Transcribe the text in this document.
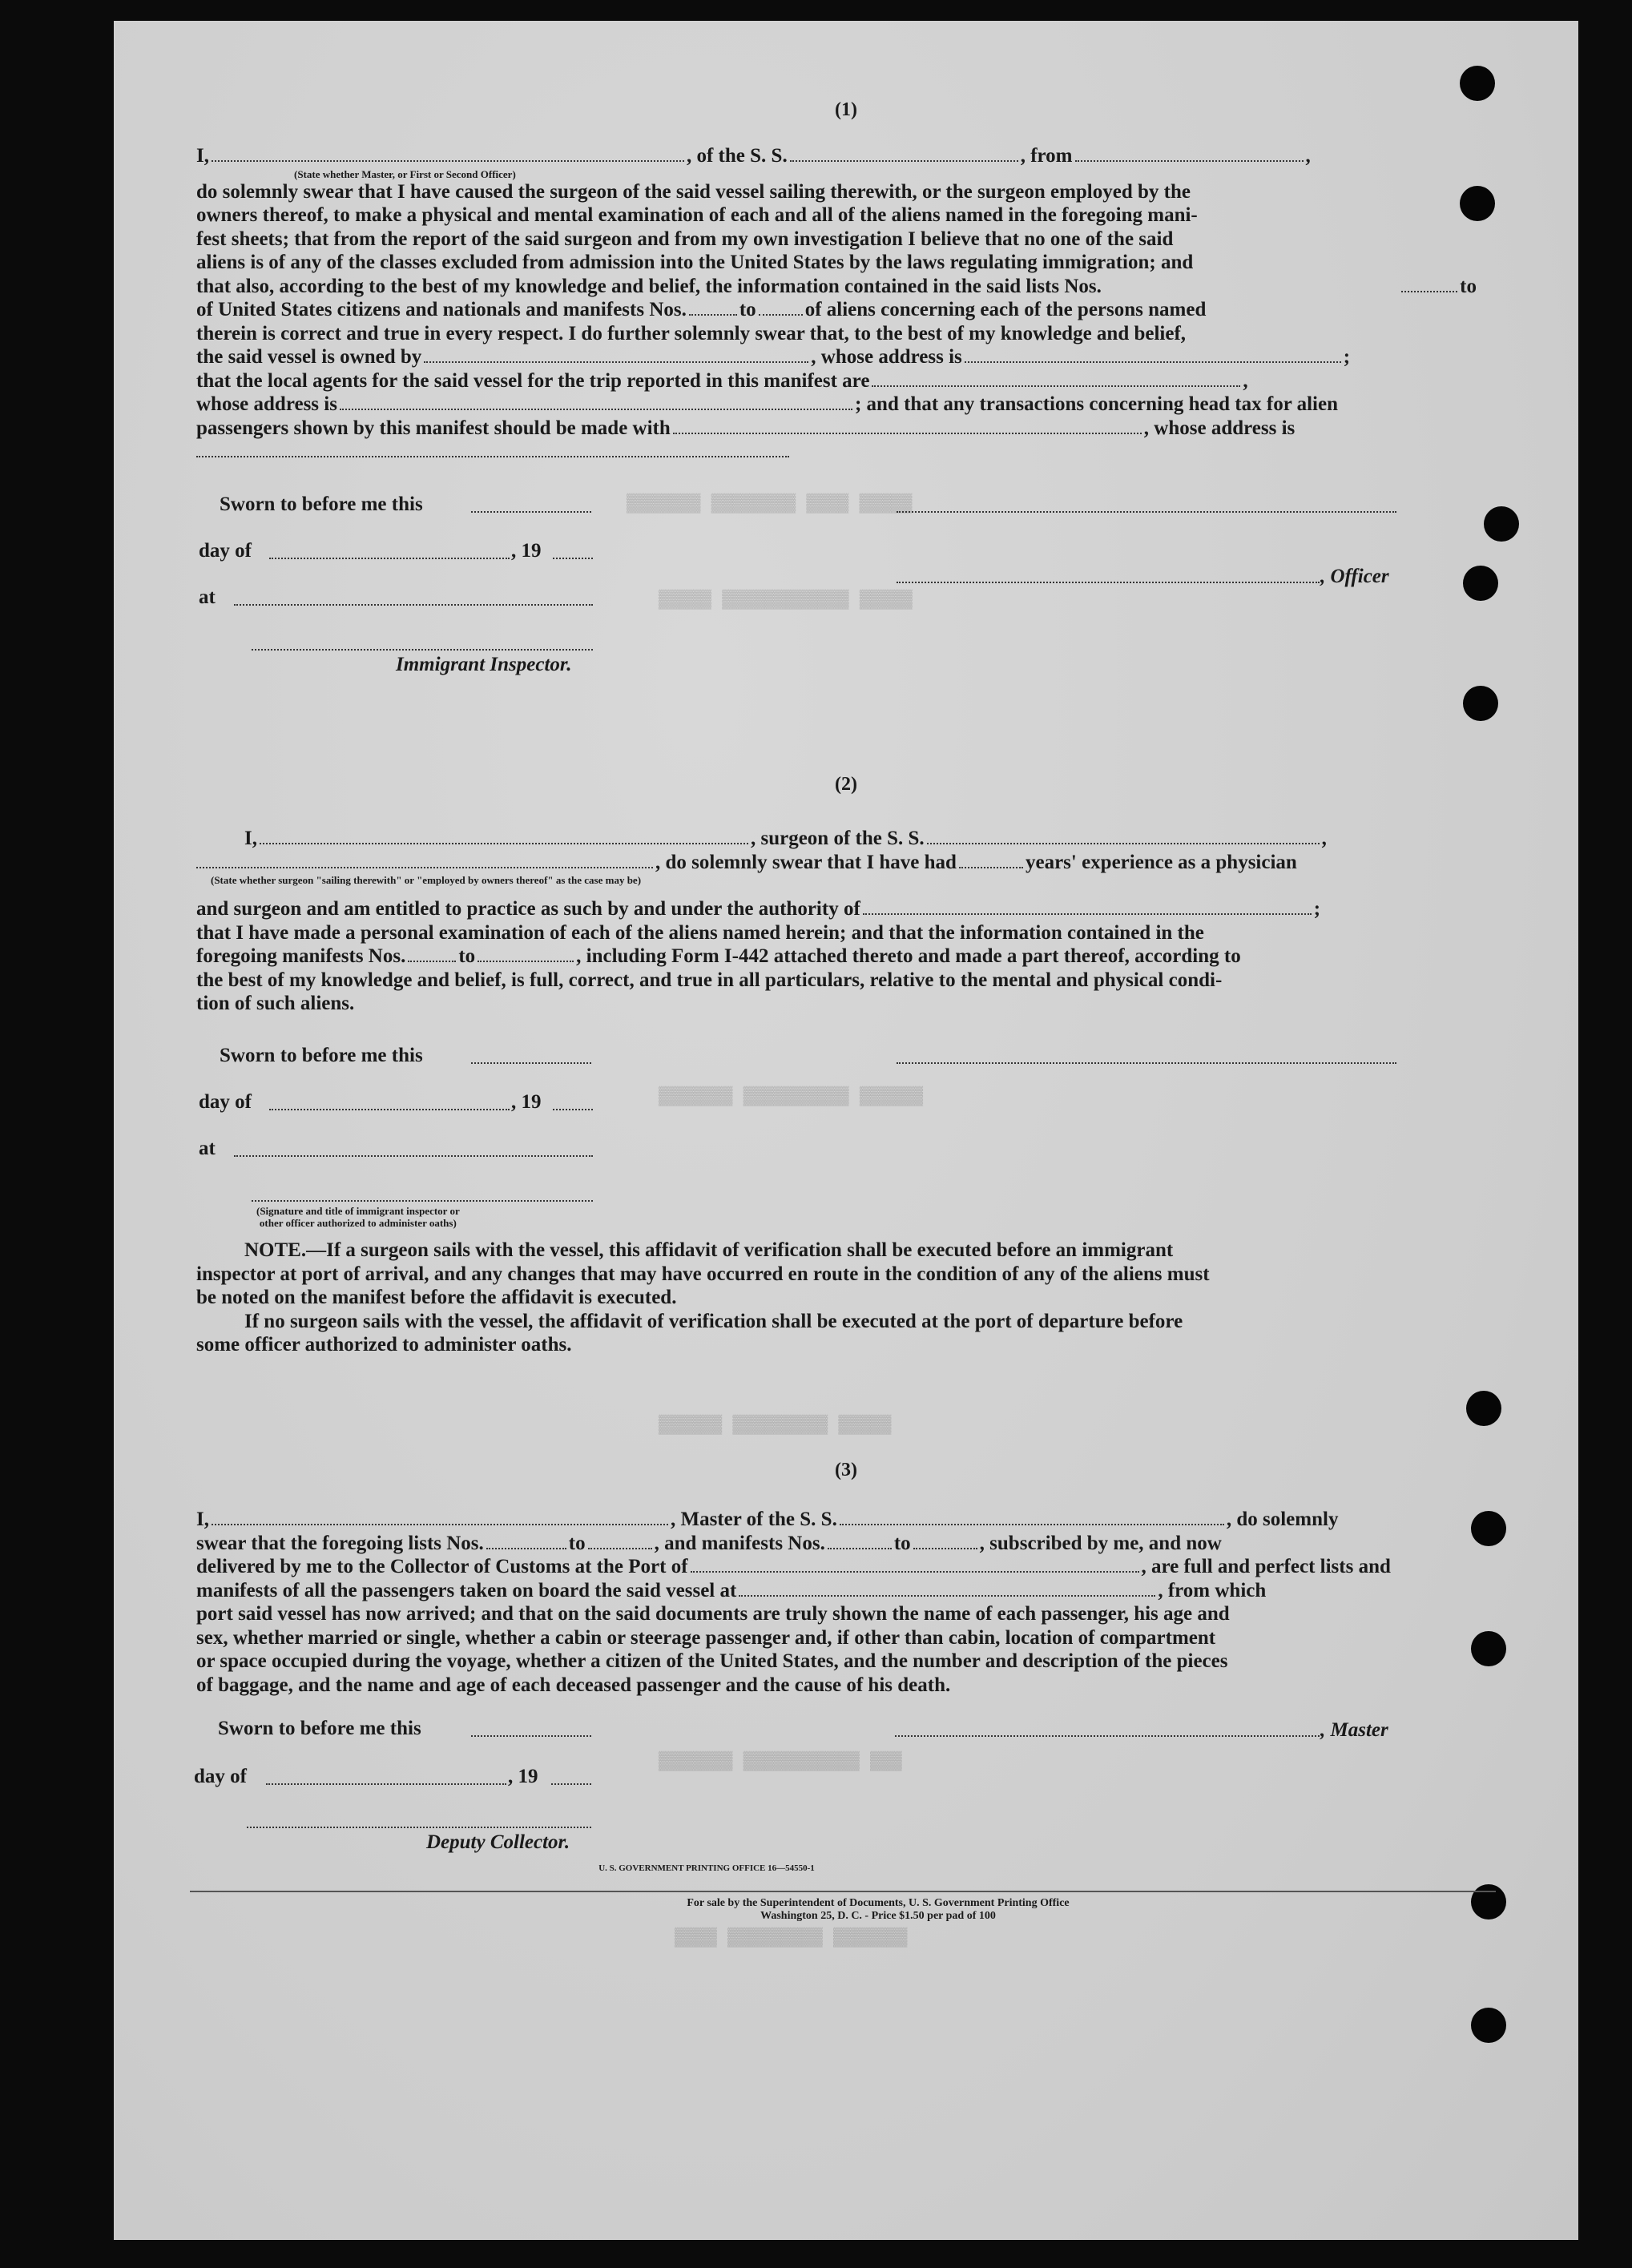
▓▓▓▓▓▓▓ ▓▓▓▓▓▓▓▓ ▓▓▓▓ ▓▓▓▓▓
▓▓▓▓▓ ▓▓▓▓▓▓▓▓▓▓▓▓ ▓▓▓▓▓
▓▓▓▓▓▓▓ ▓▓▓▓▓▓▓▓▓▓ ▓▓▓▓▓▓
▓▓▓▓▓▓ ▓▓▓▓▓▓▓▓▓ ▓▓▓▓▓
▓▓▓▓▓▓▓ ▓▓▓▓▓▓▓▓▓▓▓ ▓▓▓
▓▓▓▓ ▓▓▓▓▓▓▓▓▓ ▓▓▓▓▓▓▓
(1)
I,	, of the S. S.	, from	,
(State whether Master, or First or Second Officer)
do solemnly swear that I have caused the surgeon of the said vessel sailing therewith, or the surgeon employed by the
owners thereof, to make a physical and mental examination of each and all of the aliens named in the foregoing mani-
fest sheets; that from the report of the said surgeon and from my own investigation I believe that no one of the said
aliens is of any of the classes excluded from admission into the United States by the laws regulating immigration; and
that also, according to the best of my knowledge and belief, the information contained in the said lists Nos.	to
of United States citizens and nationals and manifests Nos.	to of aliens concerning each of the persons named
therein is correct and true in every respect. I do further solemnly swear that, to the best of my knowledge and belief,
the said vessel is owned by	, whose address is	;
that the local agents for the said vessel for the trip reported in this manifest are	,
whose address is	; and that any transactions concerning head tax for alien
passengers shown by this manifest should be made with	, whose address is
Sworn to before me this
day of	, 19
, Officer
at
Immigrant Inspector.
(2)
I,	, surgeon of the S. S.	,
, do solemnly swear that I have had	years' experience as a physician
(State whether surgeon "sailing therewith" or "employed by owners thereof" as the case may be)
and surgeon and am entitled to practice as such by and under the authority of	;
that I have made a personal examination of each of the aliens named herein; and that the information contained in the
foregoing manifests Nos.	to	, including Form I-442 attached thereto and made a part thereof, according to
the best of my knowledge and belief, is full, correct, and true in all particulars, relative to the mental and physical condi-
tion of such aliens.
Sworn to before me this
day of	, 19
at
(Signature and title of immigrant inspector or
other officer authorized to administer oaths)
NOTE.—If a surgeon sails with the vessel, this affidavit of verification shall be executed before an immigrant
inspector at port of arrival, and any changes that may have occurred en route in the condition of any of the aliens must
be noted on the manifest before the affidavit is executed.
If no surgeon sails with the vessel, the affidavit of verification shall be executed at the port of departure before
some officer authorized to administer oaths.
(3)
I,	, Master of the S. S.	, do solemnly
swear that the foregoing lists Nos.	to	, and manifests Nos.	to	, subscribed by me, and now
delivered by me to the Collector of Customs at the Port of	, are full and perfect lists and
manifests of all the passengers taken on board the said vessel at	, from which
port said vessel has now arrived; and that on the said documents are truly shown the name of each passenger, his age and
sex, whether married or single, whether a cabin or steerage passenger and, if other than cabin, location of compartment
or space occupied during the voyage, whether a citizen of the United States, and the number and description of the pieces
of baggage, and the name and age of each deceased passenger and the cause of his death.
Sworn to before me this	, Master
day of	, 19
Deputy Collector.
U. S. GOVERNMENT PRINTING OFFICE 16—54550-1
For sale by the Superintendent of Documents, U. S. Government Printing Office
Washington 25, D. C. - Price $1.50 per pad of 100
